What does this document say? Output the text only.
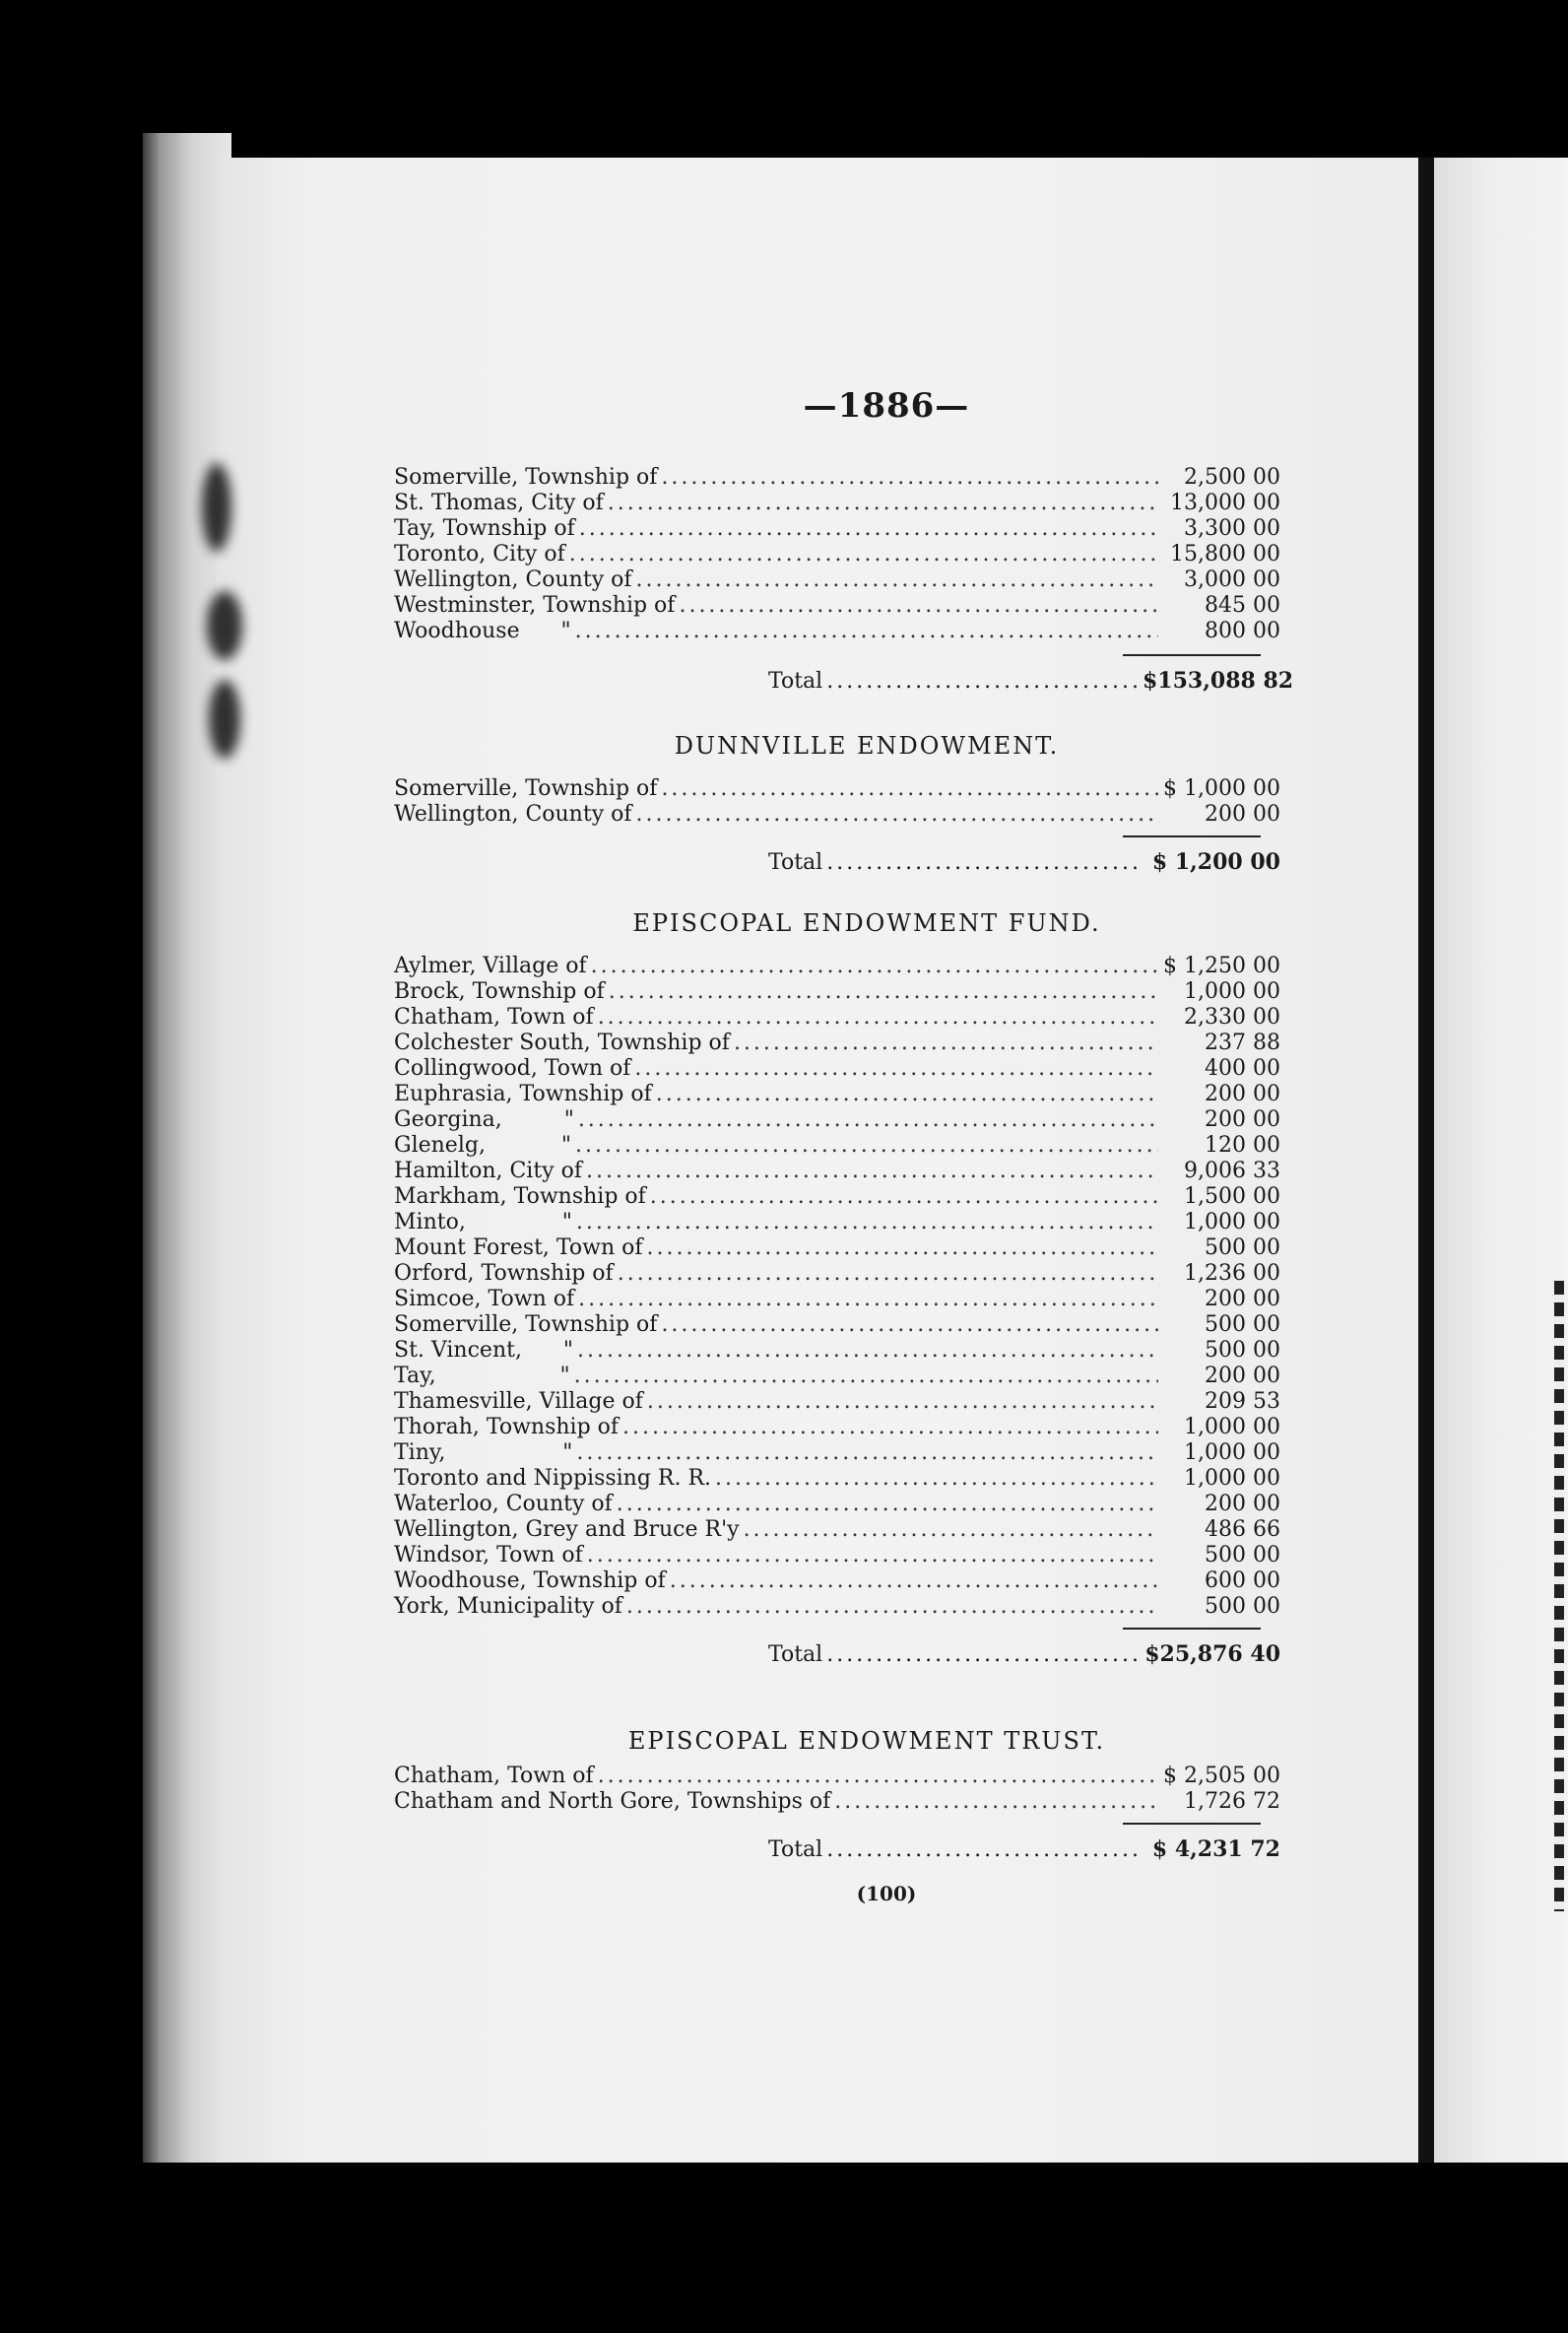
—1886—
Somerville, Township of .....	2,500 00
St. Thomas, City of .....	13,000 00
Tay, Township of .....	3,300 00
Toronto, City of .....	15,800 00
Wellington, County of .....	3,000 00
Westminster, Township of .....	845 00
Woodhouse      " .....	800 00
Total .....	$153,088 82
DUNNVILLE ENDOWMENT.
Somerville, Township of .....	$ 1,000 00
Wellington, County of .....	200 00
Total .....	$ 1,200 00
EPISCOPAL ENDOWMENT FUND.
Aylmer, Village of .....	$ 1,250 00
Brock, Township of .....	1,000 00
Chatham, Town of .....	2,330 00
Colchester South, Township of .....	237 88
Collingwood, Town of .....	400 00
Euphrasia, Township of .....	200 00
Georgina,         " .....	200 00
Glenelg,           " .....	120 00
Hamilton, City of .....	9,006 33
Markham, Township of .....	1,500 00
Minto,              " .....	1,000 00
Mount Forest, Town of .....	500 00
Orford, Township of .....	1,236 00
Simcoe, Town of .....	200 00
Somerville, Township of .....	500 00
St. Vincent,      " .....	500 00
Tay,                  " .....	200 00
Thamesville, Village of .....	209 53
Thorah, Township of .....	1,000 00
Tiny,                 " .....	1,000 00
Toronto and Nippissing R. R. .....	1,000 00
Waterloo, County of .....	200 00
Wellington, Grey and Bruce R'y .....	486 66
Windsor, Town of .....	500 00
Woodhouse, Township of .....	600 00
York, Municipality of .....	500 00
Total .....	$25,876 40
EPISCOPAL ENDOWMENT TRUST.
Chatham, Town of .....	$ 2,505 00
Chatham and North Gore, Townships of .....	1,726 72
Total .....	$ 4,231 72
(100)
